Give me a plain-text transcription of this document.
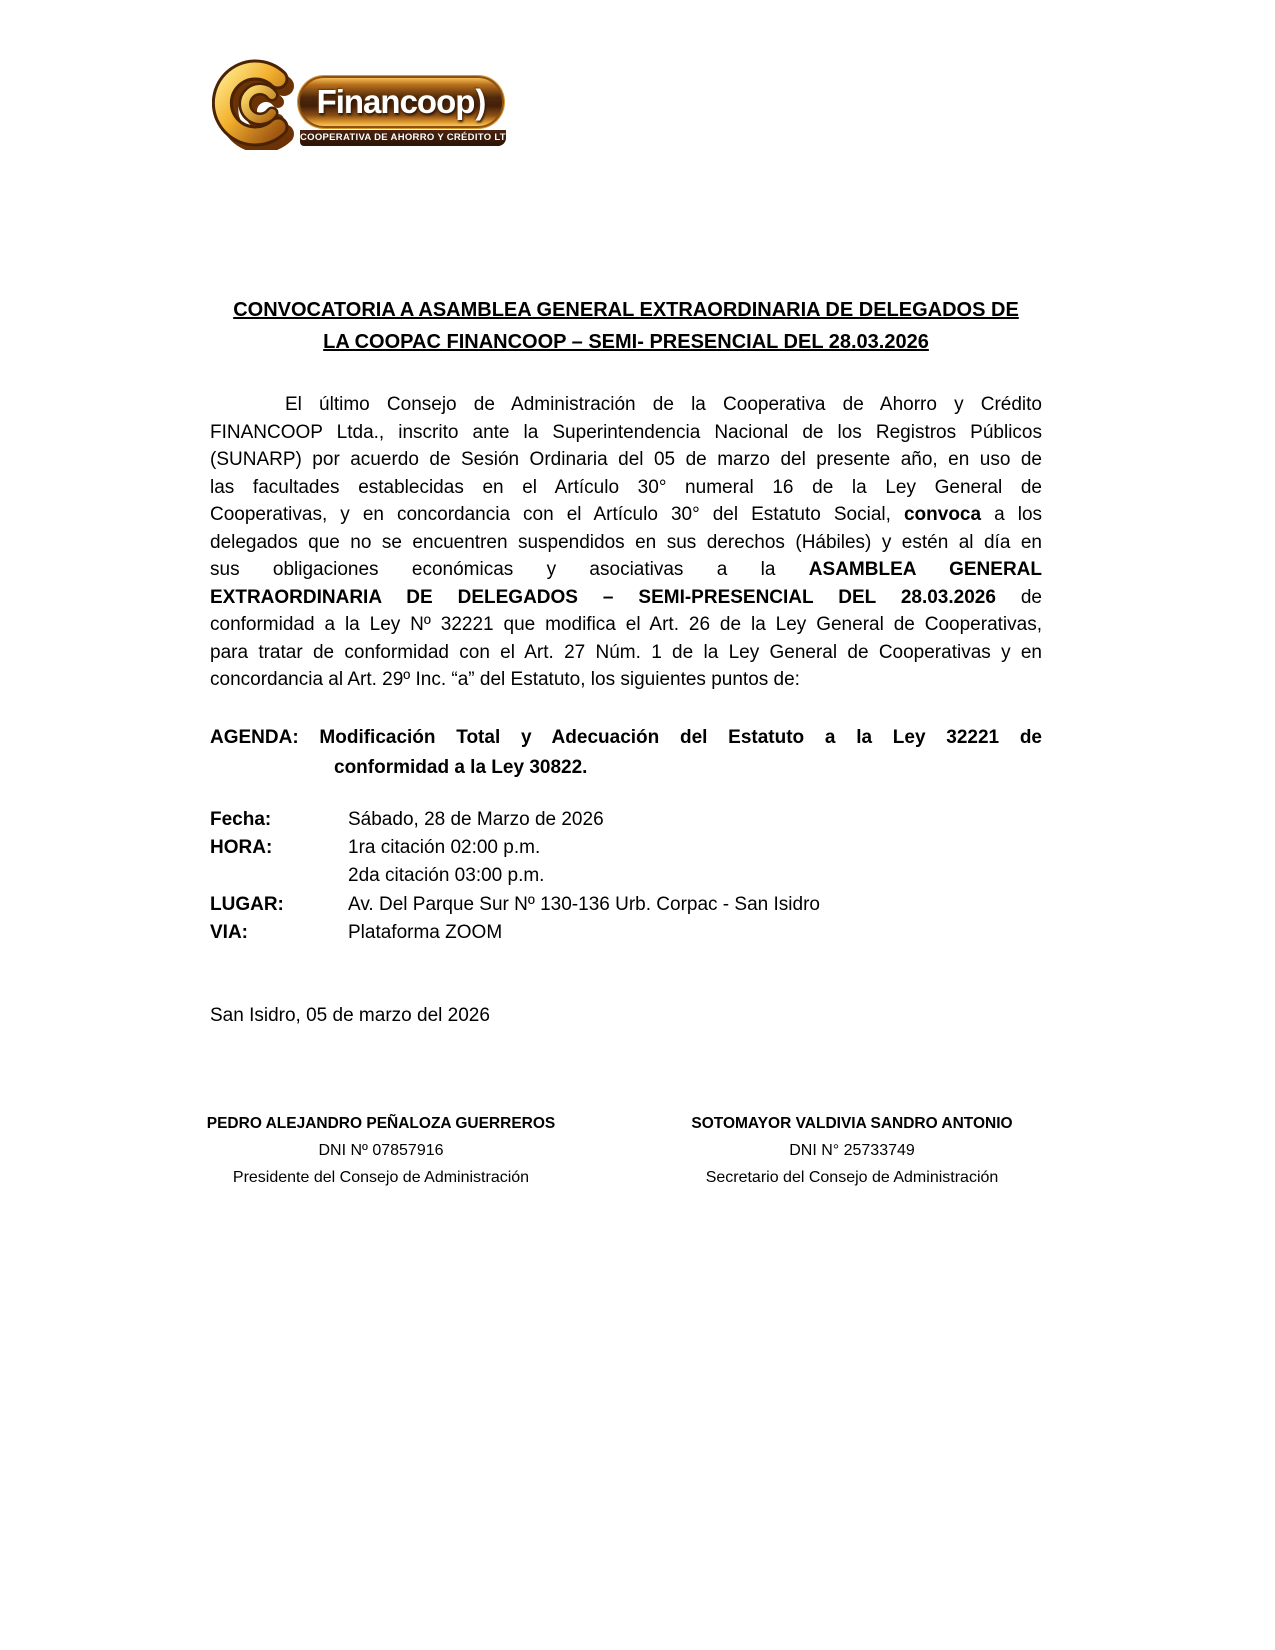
Financoop )
COOPERATIVA DE AHORRO Y CRÉDITO LTDA.
CONVOCATORIA A ASAMBLEA GENERAL EXTRAORDINARIA DE DELEGADOS DE
LA COOPAC FINANCOOP – SEMI- PRESENCIAL DEL 28.03.2026
El último Consejo de Administración de la Cooperativa de Ahorro y Crédito
FINANCOOP Ltda., inscrito ante la Superintendencia Nacional de los Registros Públicos
(SUNARP) por acuerdo de Sesión Ordinaria del 05 de marzo del presente año, en uso de
las facultades establecidas en el Artículo 30° numeral 16 de la Ley General de
Cooperativas, y en concordancia con el Artículo 30° del Estatuto Social, convoca a los
delegados que no se encuentren suspendidos en sus derechos (Hábiles) y estén al día en
sus obligaciones económicas y asociativas a la ASAMBLEA GENERAL
EXTRAORDINARIA DE DELEGADOS – SEMI-PRESENCIAL DEL 28.03.2026 de
conformidad a la Ley Nº 32221 que modifica el Art. 26 de la Ley General de Cooperativas,
para tratar de conformidad con el Art. 27 Núm. 1 de la Ley General de Cooperativas y en
concordancia al Art. 29º Inc. “a” del Estatuto, los siguientes puntos de:
AGENDA: Modificación Total y Adecuación del Estatuto a la Ley 32221 de
conformidad a la Ley 30822.
Fecha:	Sábado, 28 de Marzo de 2026
HORA:	1ra citación 02:00 p.m.
2da citación 03:00 p.m.
LUGAR:	Av. Del Parque Sur Nº 130-136 Urb. Corpac - San Isidro
VIA:	Plataforma ZOOM
San Isidro, 05 de marzo del 2026
PEDRO ALEJANDRO PEÑALOZA GUERREROS
DNI Nº 07857916
Presidente del Consejo de Administración
SOTOMAYOR VALDIVIA SANDRO ANTONIO
DNI N° 25733749
Secretario del Consejo de Administración
